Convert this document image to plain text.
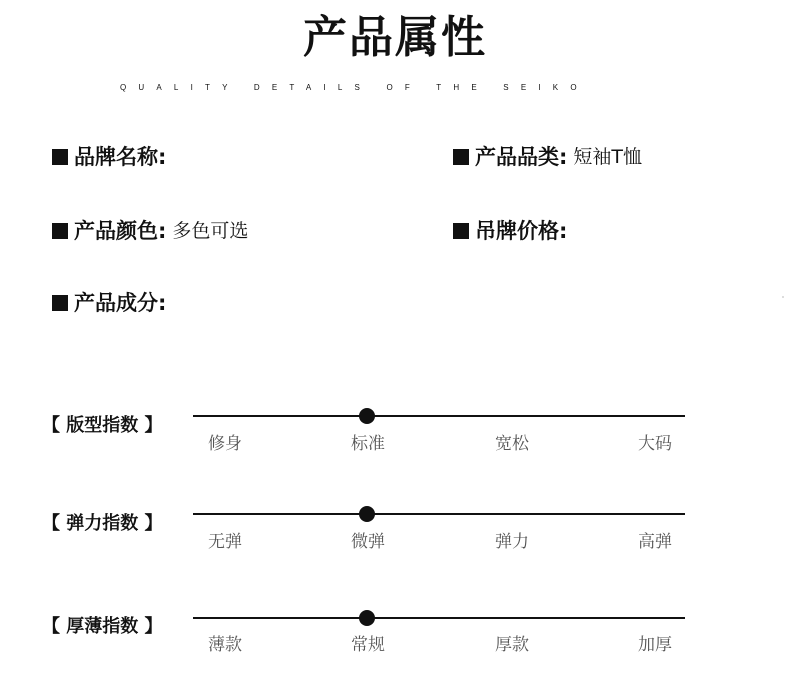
产品属性
QUALITY DETAILS OF THE SEIKO
品牌名称:	产品品类: 短袖T恤
产品颜色: 多色可选	吊牌价格:
产品成分:
【 版型指数 】
修身	标准	宽松	大码
【 弹力指数 】
无弹	微弹	弹力	高弹
【 厚薄指数 】
薄款	常规	厚款	加厚
